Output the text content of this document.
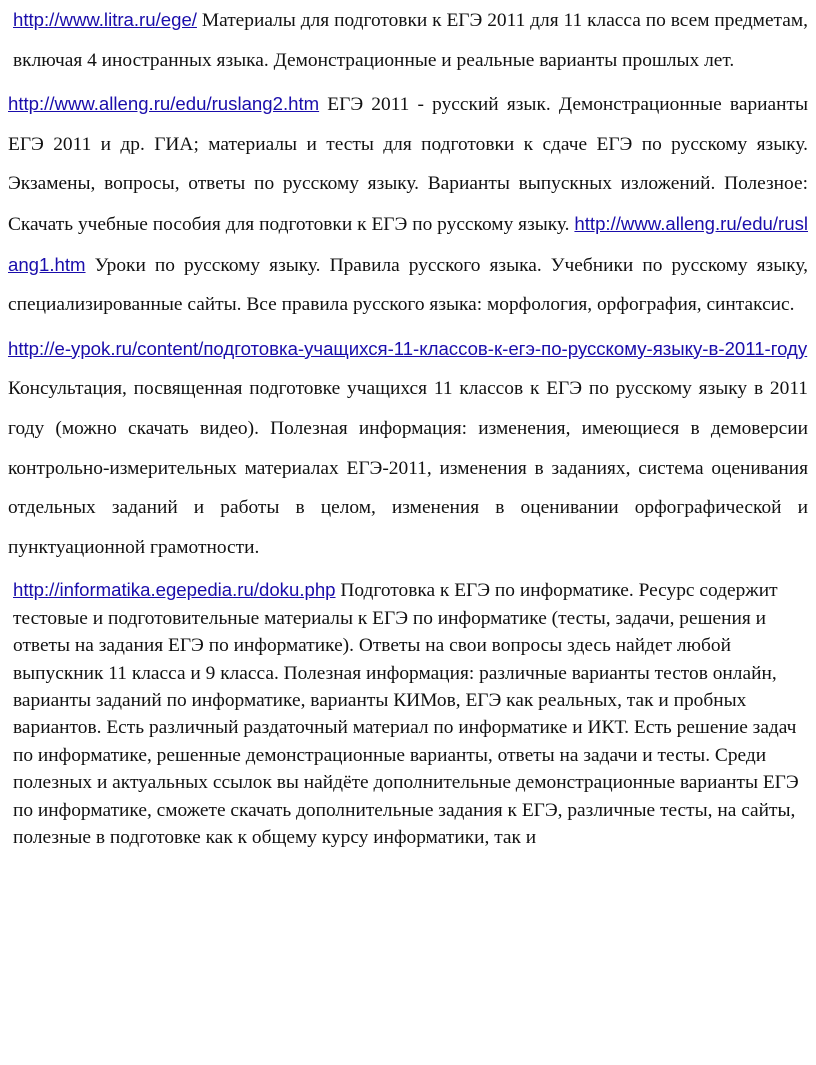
http://www.litra.ru/ege/ Материалы для подготовки к ЕГЭ 2011 для 11 класса по всем предметам, включая 4 иностранных языка. Демонстрационные и реальные варианты прошлых лет.

http://www.alleng.ru/edu/ruslang2.htm ЕГЭ 2011 - русский язык. Демонстрационные варианты ЕГЭ 2011 и др. ГИА; материалы и тесты для подготовки к сдаче ЕГЭ по русскому языку. Экзамены, вопросы, ответы по русскому языку. Варианты выпускных изложений. Полезное: Скачать учебные пособия для подготовки к ЕГЭ по русскому языку. http://www.alleng.ru/edu/ruslang1.htm Уроки по русскому языку. Правила русского языка. Учебники по русскому языку, специализированные сайты. Все правила русского языка: морфология, орфография, синтаксис.

http://e-ypok.ru/content/подготовка-учащихся-11-классов-к-егэ-по-русскому-языку-в-2011-году Консультация, посвященная подготовке учащихся 11 классов к ЕГЭ по русскому языку в 2011 году (можно скачать видео). Полезная информация: изменения, имеющиеся в демоверсии контрольно-измерительных материалах ЕГЭ-2011, изменения в заданиях, система оценивания отдельных заданий и работы в целом, изменения в оценивании орфографической и пунктуационной грамотности.

http://informatika.egepedia.ru/doku.php Подготовка к ЕГЭ по информатике. Ресурс содержит тестовые и подготовительные материалы к ЕГЭ по информатике (тесты, задачи, решения и ответы на задания ЕГЭ по информатике). Ответы на свои вопросы здесь найдет любой выпускник 11 класса и 9 класса. Полезная информация: различные варианты тестов онлайн, варианты заданий по информатике, варианты КИМов, ЕГЭ как реальных, так и пробных вариантов. Есть различный раздаточный материал по информатике и ИКТ. Есть решение задач по информатике, решенные демонстрационные варианты, ответы на задачи и тесты. Среди полезных и актуальных ссылок вы найдёте дополнительные демонстрационные варианты ЕГЭ по информатике, сможете скачать дополнительные задания к ЕГЭ, различные тесты, на сайты, полезные в подготовке как к общему курсу информатики, так и
